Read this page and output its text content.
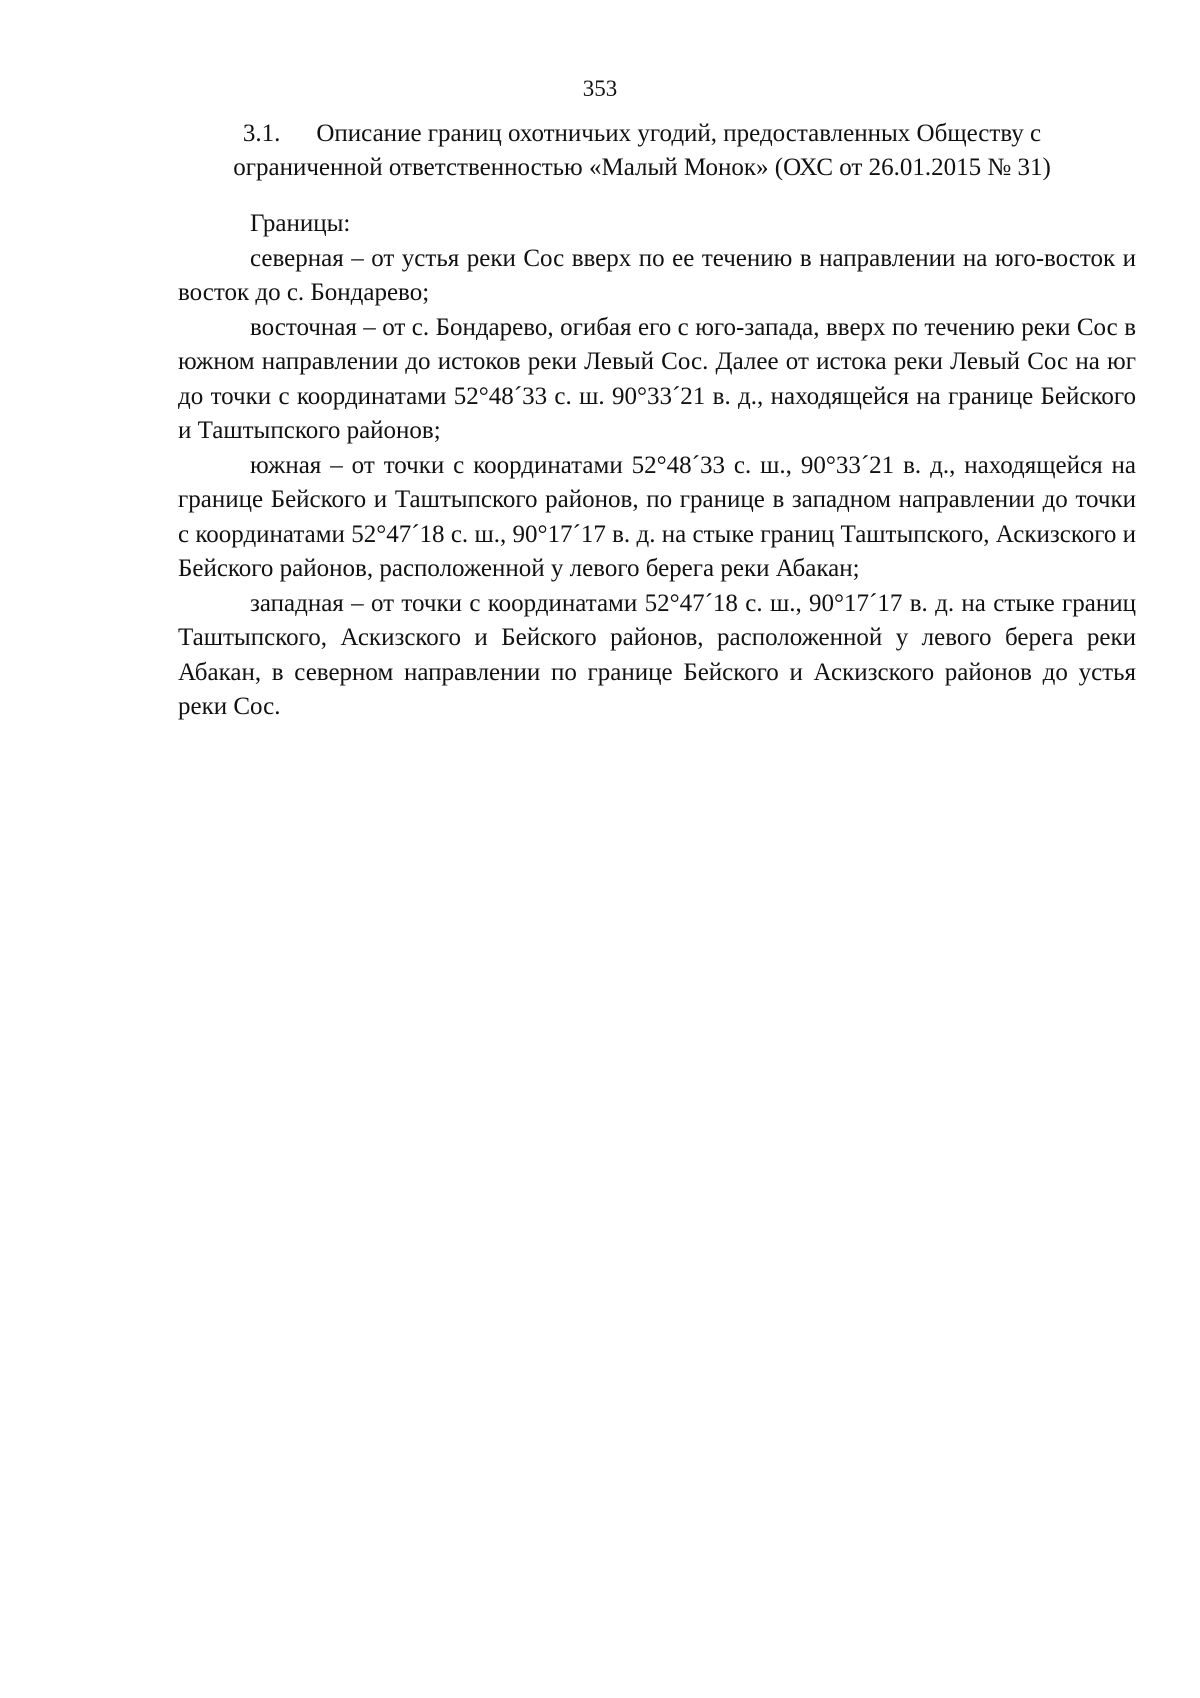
353
3.1. Описание границ охотничьих угодий, предоставленных Обществу с
ограниченной ответственностью «Малый Монок» (ОХС от 26.01.2015 № 31)

Границы:

северная – от устья реки Сос вверх по ее течению в направлении на юго-восток и восток до с. Бондарево;

восточная – от с. Бондарево, огибая его с юго-запада, вверх по течению реки Сос в южном направлении до истоков реки Левый Сос. Далее от истока реки Левый Сос на юг до точки с координатами 52°48´33 с. ш. 90°33´21 в. д., находящейся на границе Бейского и Таштыпского районов;

южная – от точки с координатами 52°48´33 с. ш., 90°33´21 в. д., находящейся на границе Бейского и Таштыпского районов, по границе в западном направлении до точки с координатами 52°47´18 с. ш., 90°17´17 в. д. на стыке границ Таштыпского, Аскизского и Бейского районов, расположенной у левого берега реки Абакан;

западная – от точки с координатами 52°47´18 с. ш., 90°17´17 в. д. на стыке границ Таштыпского, Аскизского и Бейского районов, расположенной у левого берега реки Абакан, в северном направлении по границе Бейского и Аскизского районов до устья реки Сос.
